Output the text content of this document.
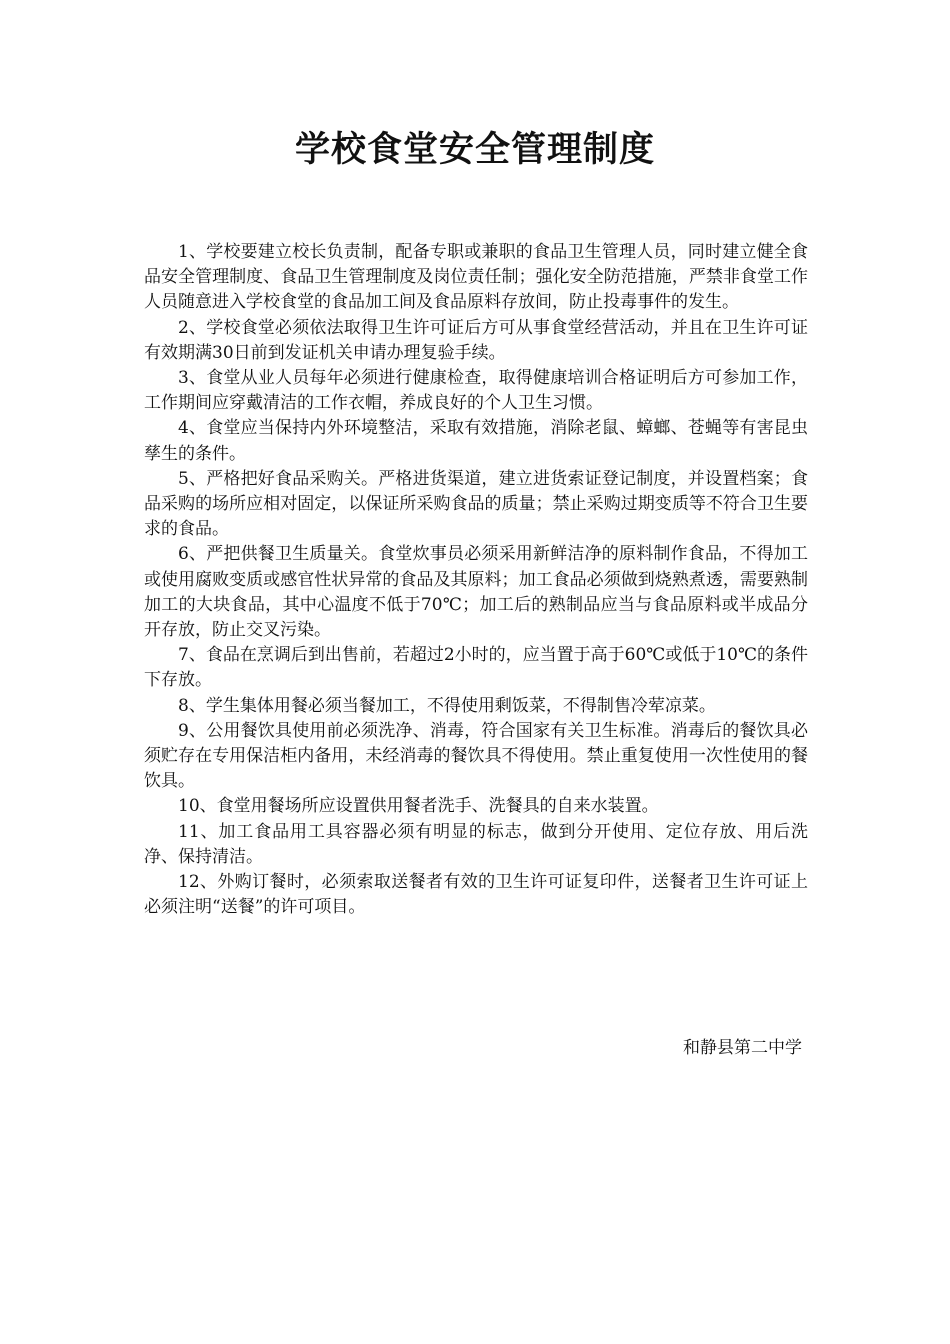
学校食堂安全管理制度

1、学校要建立校长负责制，配备专职或兼职的食品卫生管理人员，同时建立健全食品安全管理制度、食品卫生管理制度及岗位责任制；强化安全防范措施，严禁非食堂工作人员随意进入学校食堂的食品加工间及食品原料存放间，防止投毒事件的发生。

2、学校食堂必须依法取得卫生许可证后方可从事食堂经营活动，并且在卫生许可证有效期满30日前到发证机关申请办理复验手续。

3、食堂从业人员每年必须进行健康检查，取得健康培训合格证明后方可参加工作，工作期间应穿戴清洁的工作衣帽，养成良好的个人卫生习惯。

4、食堂应当保持内外环境整洁，采取有效措施，消除老鼠、蟑螂、苍蝇等有害昆虫孳生的条件。

5、严格把好食品采购关。严格进货渠道，建立进货索证登记制度，并设置档案；食品采购的场所应相对固定，以保证所采购食品的质量；禁止采购过期变质等不符合卫生要求的食品。

6、严把供餐卫生质量关。食堂炊事员必须采用新鲜洁净的原料制作食品，不得加工或使用腐败变质或感官性状异常的食品及其原料；加工食品必须做到烧熟煮透，需要熟制加工的大块食品，其中心温度不低于70℃；加工后的熟制品应当与食品原料或半成品分开存放，防止交叉污染。

7、食品在烹调后到出售前，若超过2小时的，应当置于高于60℃或低于10℃的条件下存放。

8、学生集体用餐必须当餐加工，不得使用剩饭菜，不得制售冷荤凉菜。

9、公用餐饮具使用前必须洗净、消毒，符合国家有关卫生标准。消毒后的餐饮具必须贮存在专用保洁柜内备用，未经消毒的餐饮具不得使用。禁止重复使用一次性使用的餐饮具。

10、食堂用餐场所应设置供用餐者洗手、洗餐具的自来水装置。

11、加工食品用工具容器必须有明显的标志，做到分开使用、定位存放、用后洗净、保持清洁。

12、外购订餐时，必须索取送餐者有效的卫生许可证复印件，送餐者卫生许可证上必须注明“送餐”的许可项目。

和静县第二中学
